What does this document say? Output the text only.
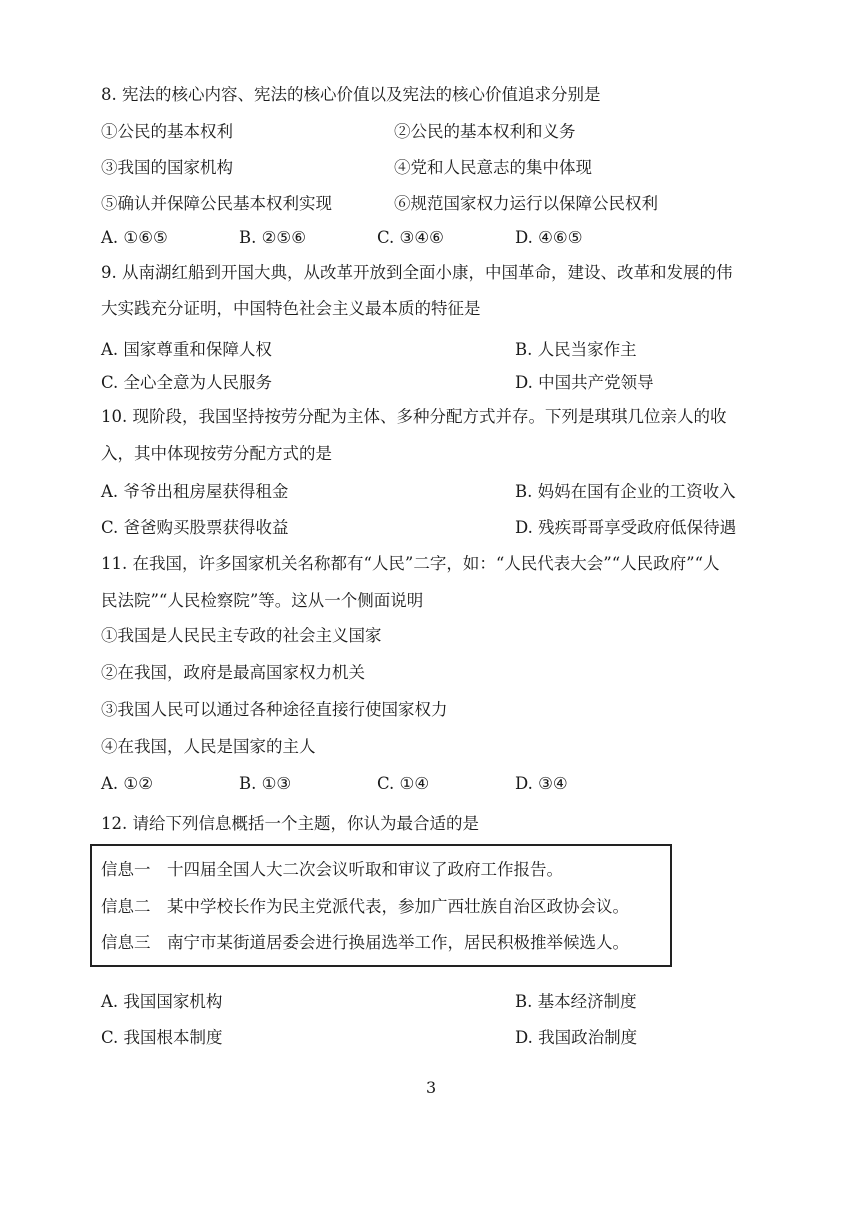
8. 宪法的核心内容、宪法的核心价值以及宪法的核心价值追求分别是
①公民的基本权利	②公民的基本权利和义务
③我国的国家机构	④党和人民意志的集中体现
⑤确认并保障公民基本权利实现	⑥规范国家权力运行以保障公民权利
A. ①⑥⑤	B. ②⑤⑥	C. ③④⑥	D. ④⑥⑤
9. 从南湖红船到开国大典，从改革开放到全面小康，中国革命，建设、改革和发展的伟
大实践充分证明，中国特色社会主义最本质的特征是
A. 国家尊重和保障人权	B. 人民当家作主
C. 全心全意为人民服务	D. 中国共产党领导
10. 现阶段，我国坚持按劳分配为主体、多种分配方式并存。下列是琪琪几位亲人的收
入，其中体现按劳分配方式的是
A. 爷爷出租房屋获得租金	B. 妈妈在国有企业的工资收入
C. 爸爸购买股票获得收益	D. 残疾哥哥享受政府低保待遇
11. 在我国，许多国家机关名称都有“人民”二字，如：“人民代表大会”“人民政府”“人
民法院”“人民检察院”等。这从一个侧面说明
①我国是人民民主专政的社会主义国家
②在我国，政府是最高国家权力机关
③我国人民可以通过各种途径直接行使国家权力
④在我国，人民是国家的主人
A. ①②	B. ①③	C. ①④	D. ③④
12. 请给下列信息概括一个主题，你认为最合适的是
信息一　十四届全国人大二次会议听取和审议了政府工作报告。
信息二　某中学校长作为民主党派代表，参加广西壮族自治区政协会议。
信息三　南宁市某街道居委会进行换届选举工作，居民积极推举候选人。
A. 我国国家机构	B. 基本经济制度
C. 我国根本制度	D. 我国政治制度
3
